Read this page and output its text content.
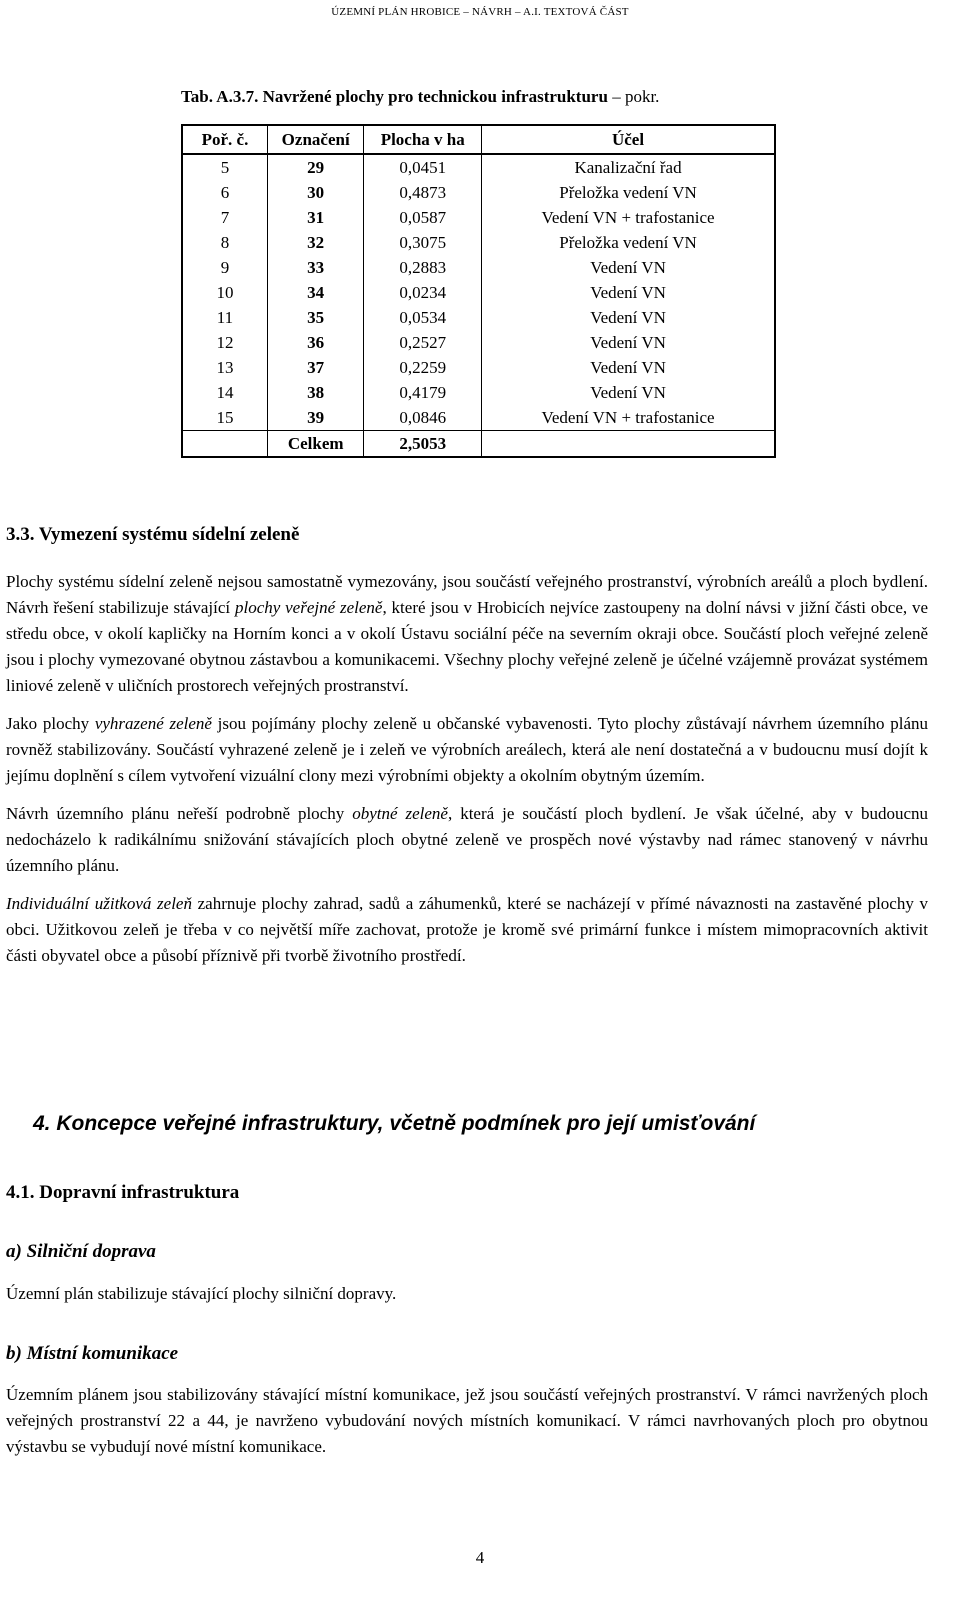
ÚZEMNÍ PLÁN HROBICE – NÁVRH – A.I. TEXTOVÁ ČÁST
Tab. A.3.7. Navržené plochy pro technickou infrastrukturu – pokr.
Poř. č.	Označení	Plocha v ha	Účel
5	29	0,0451	Kanalizační řad
6	30	0,4873	Přeložka vedení VN
7	31	0,0587	Vedení VN + trafostanice
8	32	0,3075	Přeložka vedení VN
9	33	0,2883	Vedení VN
10	34	0,0234	Vedení VN
11	35	0,0534	Vedení VN
12	36	0,2527	Vedení VN
13	37	0,2259	Vedení VN
14	38	0,4179	Vedení VN
15	39	0,0846	Vedení VN + trafostanice
	Celkem	2,5053	
3.3. Vymezení systému sídelní zeleně

Plochy systému sídelní zeleně nejsou samostatně vymezovány, jsou součástí veřejného prostranství, výrobních areálů a ploch bydlení. Návrh řešení stabilizuje stávající plochy veřejné zeleně, které jsou v Hrobicích nejvíce zastoupeny na dolní návsi v jižní části obce, ve středu obce, v okolí kapličky na Horním konci a v okolí Ústavu sociální péče na severním okraji obce. Součástí ploch veřejné zeleně jsou i plochy vymezované obytnou zástavbou a komunikacemi. Všechny plochy veřejné zeleně je účelné vzájemně provázat systémem liniové zeleně v uličních prostorech veřejných prostranství.

Jako plochy vyhrazené zeleně jsou pojímány plochy zeleně u občanské vybavenosti. Tyto plochy zůstávají návrhem územního plánu rovněž stabilizovány. Součástí vyhrazené zeleně je i zeleň ve výrobních areálech, která ale není dostatečná a v budoucnu musí dojít k jejímu doplnění s cílem vytvoření vizuální clony mezi výrobními objekty a okolním obytným územím.

Návrh územního plánu neřeší podrobně plochy obytné zeleně, která je součástí ploch bydlení. Je však účelné, aby v budoucnu nedocházelo k radikálnímu snižování stávajících ploch obytné zeleně ve prospěch nové výstavby nad rámec stanovený v návrhu územního plánu.

Individuální užitková zeleň zahrnuje plochy zahrad, sadů a záhumenků, které se nacházejí v přímé návaznosti na zastavěné plochy v obci. Užitkovou zeleň je třeba v co největší míře zachovat, protože je kromě své primární funkce i místem mimopracovních aktivit části obyvatel obce a působí příznivě při tvorbě životního prostředí.

4. Koncepce veřejné infrastruktury, včetně podmínek pro její umisťování
4.1. Dopravní infrastruktura
a) Silniční doprava

Územní plán stabilizuje stávající plochy silniční dopravy.

b) Místní komunikace

Územním plánem jsou stabilizovány stávající místní komunikace, jež jsou součástí veřejných prostranství. V rámci navržených ploch veřejných prostranství 22 a 44, je navrženo vybudování nových místních komunikací. V rámci navrhovaných ploch pro obytnou výstavbu se vybudují nové místní komunikace.

4
